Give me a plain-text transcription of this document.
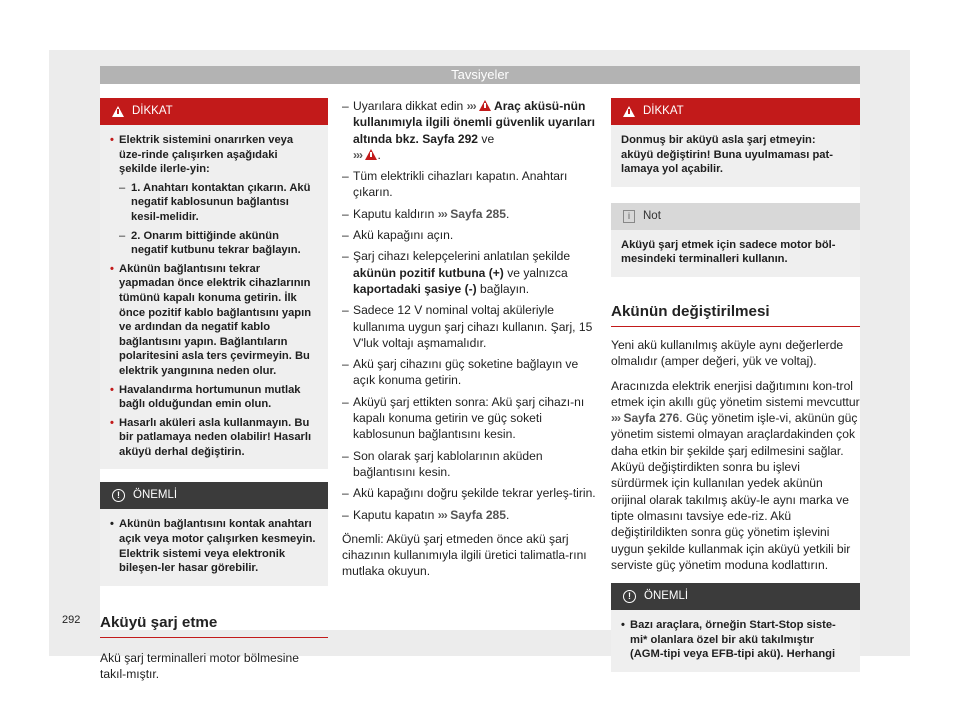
Tavsiyeler
292
DİKKAT
• Elektrik sistemini onarırken veya üze-rinde çalışırken aşağıdaki şekilde ilerle-yin:
– 1. Anahtarı kontaktan çıkarın. Akü negatif kablosunun bağlantısı kesil-melidir.
– 2. Onarım bittiğinde akünün negatif kutbunu tekrar bağlayın.
• Akünün bağlantısını tekrar yapmadan önce elektrik cihazlarının tümünü kapalı konuma getirin. İlk önce pozitif kablo bağlantısını yapın ve ardından da negatif kablo bağlantısını yapın. Bağlantıların polaritesini asla ters çevirmeyin. Bu elektrik yangınına neden olur.
• Havalandırma hortumunun mutlak bağlı olduğundan emin olun.
• Hasarlı aküleri asla kullanmayın. Bu bir patlamaya neden olabilir! Hasarlı aküyü derhal değiştirin.
!	ÖNEMLİ
• Akünün bağlantısını kontak anahtarı açık veya motor çalışırken kesmeyin. Elektrik sistemi veya elektronik bileşen-ler hasar görebilir.
Aküyü şarj etme

Akü şarj terminalleri motor bölmesine takıl-mıştır.

– Uyarılara dikkat edin ›››
Araç aküsü-nün kullanımıyla ilgili önemli güvenlik uyarıları altında bkz. Sayfa 292 ve
››› .
– Tüm elektrikli cihazları kapatın. Anahtarı çıkarın.
– Kaputu kaldırın ››› Sayfa 285.
– Akü kapağını açın.
– Şarj cihazı kelepçelerini anlatılan şekilde akünün pozitif kutbuna (+) ve yalnızca kaportadaki şasiye (-) bağlayın.
– Sadece 12 V nominal voltaj aküleriyle kullanıma uygun şarj cihazı kullanın. Şarj, 15 V'luk voltajı aşmamalıdır.
– Akü şarj cihazını güç soketine bağlayın ve açık konuma getirin.
– Aküyü şarj ettikten sonra: Akü şarj cihazı-nı kapalı konuma getirin ve güç soketi kablosunun bağlantısını kesin.
– Son olarak şarj kablolarının aküden bağlantısını kesin.
– Akü kapağını doğru şekilde tekrar yerleş-tirin.
– Kaputu kapatın ››› Sayfa 285.

Önemli: Aküyü şarj etmeden önce akü şarj cihazının kullanımıyla ilgili üretici talimatla-rını mutlaka okuyun.

DİKKAT

Donmuş bir aküyü asla şarj etmeyin: aküyü değiştirin! Buna uyulmaması pat-lamaya yol açabilir.

i	Not

Aküyü şarj etmek için sadece motor böl-mesindeki terminalleri kullanın.

Akünün değiştirilmesi

Yeni akü kullanılmış aküyle aynı değerlerde olmalıdır (amper değeri, yük ve voltaj).

Aracınızda elektrik enerjisi dağıtımını kon-trol etmek için akıllı güç yönetim sistemi mevcuttur ››› Sayfa 276. Güç yönetim işle-vi, akünün güç yönetim sistemi olmayan araçlardakinden çok daha etkin bir şekilde şarj edilmesini sağlar. Aküyü değiştirdikten sonra bu işlevi sürdürmek için kullanılan yedek akünün orijinal olarak takılmış aküy-le aynı marka ve tipte olmasını tavsiye ede-riz. Akü değiştirildikten sonra güç yönetim işlevini uygun şekilde kullanmak için aküyü yetkili bir serviste güç yönetim moduna kodlattırın.

!	ÖNEMLİ
• Bazı araçlara, örneğin Start-Stop siste-mi* olanlara özel bir akü takılmıştır (AGM-tipi veya EFB-tipi akü). Herhangi
